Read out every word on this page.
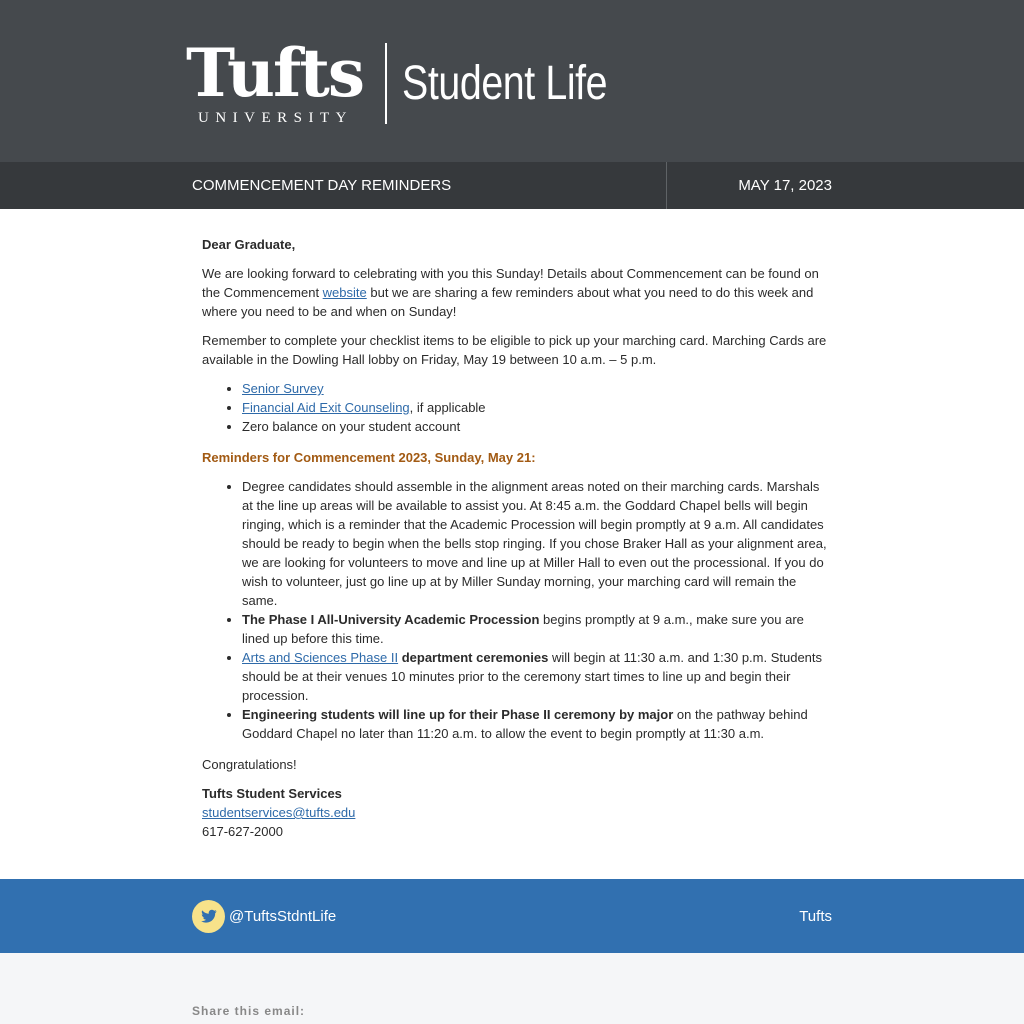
Tufts
UNIVERSITY
Student Life
COMMENCEMENT DAY REMINDERS	MAY 17, 2023

Dear Graduate,

We are looking forward to celebrating with you this Sunday! Details about Commencement can be found on the Commencement website but we are sharing a few reminders about what you need to do this week and where you need to be and when on Sunday!

Remember to complete your checklist items to be eligible to pick up your marching card. Marching Cards are available in the Dowling Hall lobby on Friday, May 19 between 10 a.m. – 5 p.m.

• Senior Survey
• Financial Aid Exit Counseling, if applicable
• Zero balance on your student account

Reminders for Commencement 2023, Sunday, May 21:

• Degree candidates should assemble in the alignment areas noted on their marching cards. Marshals at the line up areas will be available to assist you. At 8:45 a.m. the Goddard Chapel bells will begin ringing, which is a reminder that the Academic Procession will begin promptly at 9 a.m. All candidates should be ready to begin when the bells stop ringing. If you chose Braker Hall as your alignment area, we are looking for volunteers to move and line up at Miller Hall to even out the processional. If you do wish to volunteer, just go line up at by Miller Sunday morning, your marching card will remain the same.
• The Phase I All-University Academic Procession begins promptly at 9 a.m., make sure you are lined up before this time.
• Arts and Sciences Phase II department ceremonies will begin at 11:30 a.m. and 1:30 p.m. Students should be at their venues 10 minutes prior to the ceremony start times to line up and begin their procession.
• Engineering students will line up for their Phase II ceremony by major on the pathway behind Goddard Chapel no later than 11:20 a.m. to allow the event to begin promptly at 11:30 a.m.

Congratulations!

Tufts Student Services
studentservices@tufts.edu
617-627-2000
@TuftsStdntLife	Tufts
Share this email:
